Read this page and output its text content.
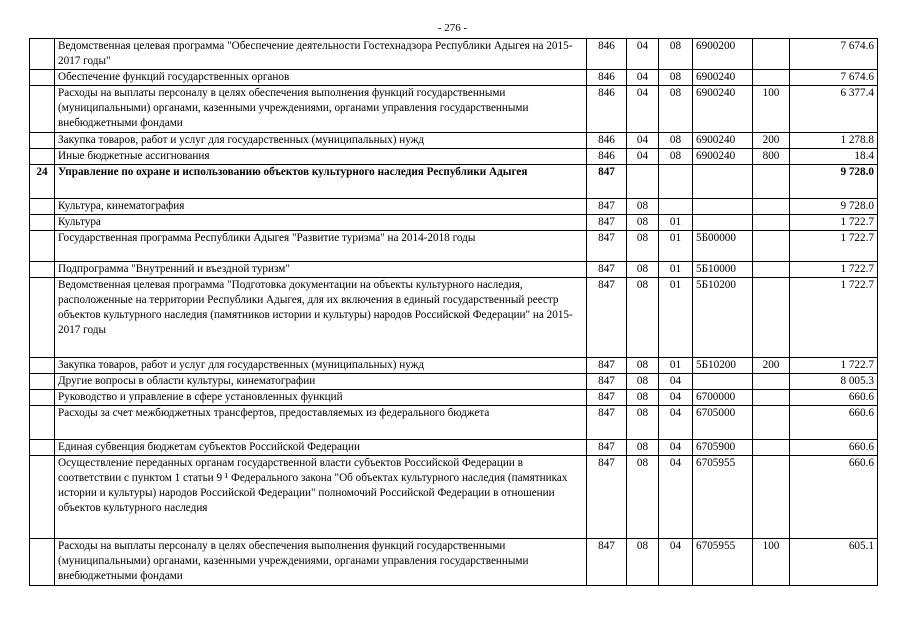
- 276 -
	Ведомственная целевая программа "Обеспечение деятельности Гостехнадзора Республики Адыгея на 2015-2017 годы"	846	04	08	6900200		7 674.6
	Обеспечение функций государственных органов	846	04	08	6900240		7 674.6
	Расходы на выплаты персоналу в целях обеспечения выполнения функций государственными (муниципальными) органами, казенными учреждениями, органами управления государственными внебюджетными фондами	846	04	08	6900240	100	6 377.4
	Закупка товаров, работ и услуг для государственных (муниципальных) нужд	846	04	08	6900240	200	1 278.8
	Иные бюджетные ассигнования	846	04	08	6900240	800	18.4
24	Управление по охране и использованию объектов культурного наследия Республики Адыгея	847					9 728.0
	Культура, кинематография	847	08				9 728.0
	Культура	847	08	01			1 722.7
	Государственная программа Республики Адыгея "Развитие туризма" на 2014-2018 годы	847	08	01	5Б00000		1 722.7
	Подпрограмма "Внутренний и въездной туризм"	847	08	01	5Б10000		1 722.7
	Ведомственная целевая программа "Подготовка документации на объекты культурного наследия, расположенные на территории Республики Адыгея, для их включения в единый государственный реестр объектов культурного наследия (памятников истории и культуры) народов Российской Федерации" на 2015-2017 годы	847	08	01	5Б10200		1 722.7
	Закупка товаров, работ и услуг для государственных (муниципальных) нужд	847	08	01	5Б10200	200	1 722.7
	Другие вопросы в области культуры, кинематографии	847	08	04			8 005.3
	Руководство и управление в сфере установленных функций	847	08	04	6700000		660.6
	Расходы за счет межбюджетных трансфертов, предоставляемых из федерального бюджета	847	08	04	6705000		660.6
	Единая субвенция бюджетам субъектов Российской Федерации	847	08	04	6705900		660.6
	Осуществление переданных органам государственной власти субъектов Российской Федерации в соответствии с пунктом 1 статьи 9 ¹ Федерального закона "Об объектах культурного наследия (памятниках истории и культуры) народов Российской Федерации" полномочий Российской Федерации в отношении объектов культурного наследия	847	08	04	6705955		660.6
	Расходы на выплаты персоналу в целях обеспечения выполнения функций государственными (муниципальными) органами, казенными учреждениями, органами управления государственными внебюджетными фондами	847	08	04	6705955	100	605.1
